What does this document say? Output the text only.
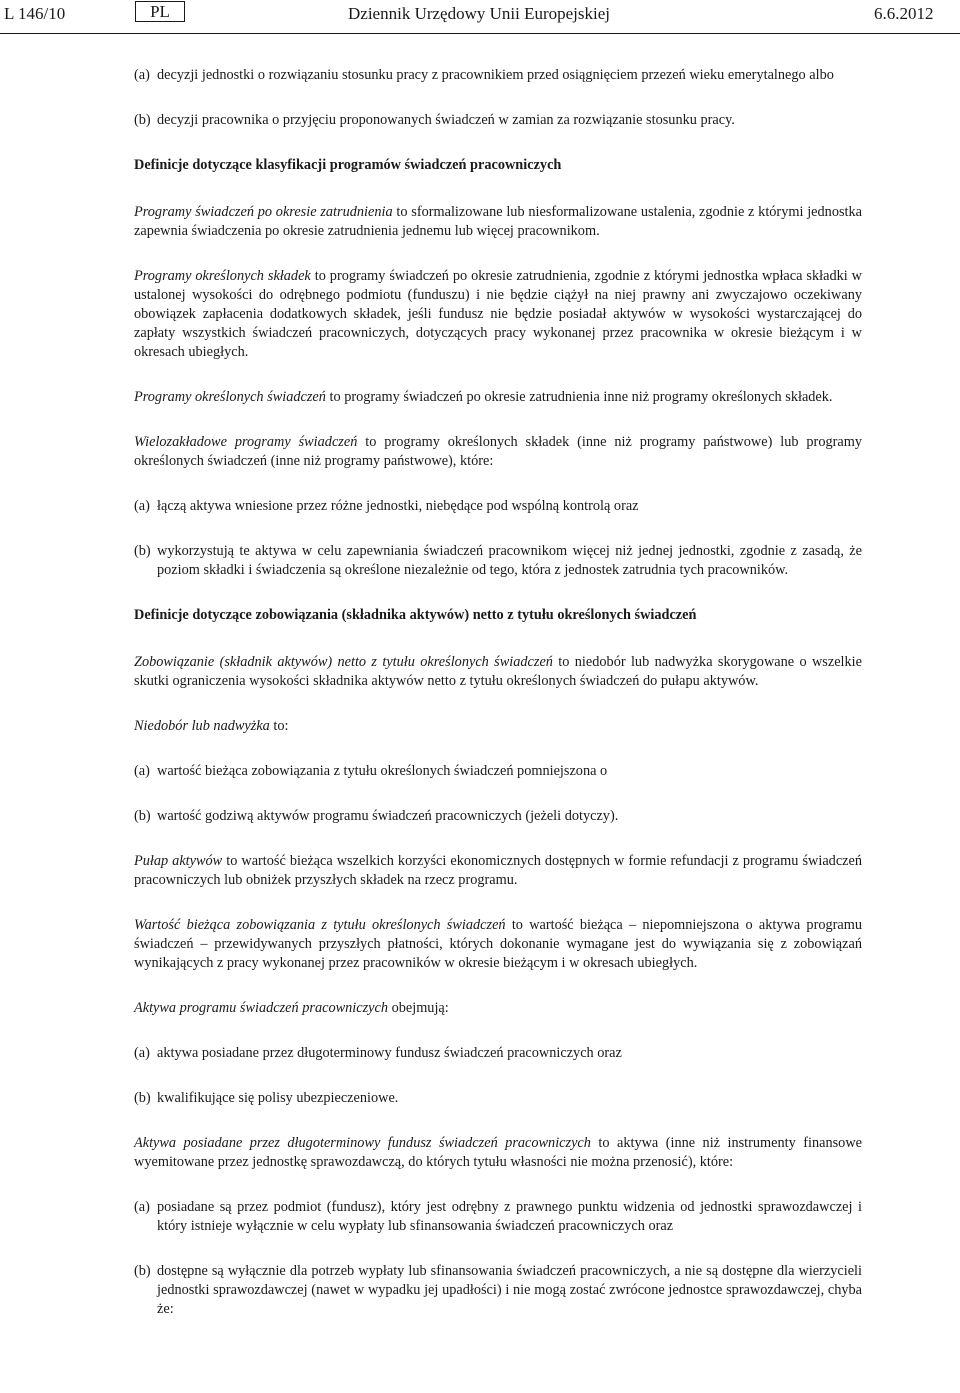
L 146/10	PL	Dziennik Urzędowy Unii Europejskiej	6.6.2012
(a) decyzji jednostki o rozwiązaniu stosunku pracy z pracownikiem przed osiągnięciem przezeń wieku emerytalnego albo
(b) decyzji pracownika o przyjęciu proponowanych świadczeń w zamian za rozwiązanie stosunku pracy.

Definicje dotyczące klasyfikacji programów świadczeń pracowniczych

Programy świadczeń po okresie zatrudnienia to sformalizowane lub niesformalizowane ustalenia, zgodnie z którymi jednostka zapewnia świadczenia po okresie zatrudnienia jednemu lub więcej pracownikom.

Programy określonych składek to programy świadczeń po okresie zatrudnienia, zgodnie z którymi jednostka wpłaca składki w ustalonej wysokości do odrębnego podmiotu (funduszu) i nie będzie ciążył na niej prawny ani zwyczajowo oczekiwany obowiązek zapłacenia dodatkowych składek, jeśli fundusz nie będzie posiadał aktywów w wysokości wystarczającej do zapłaty wszystkich świadczeń pracowniczych, dotyczących pracy wykonanej przez pracownika w okresie bieżącym i w okresach ubiegłych.

Programy określonych świadczeń to programy świadczeń po okresie zatrudnienia inne niż programy określonych składek.

Wielozakładowe programy świadczeń to programy określonych składek (inne niż programy państwowe) lub programy określonych świadczeń (inne niż programy państwowe), które:

(a) łączą aktywa wniesione przez różne jednostki, niebędące pod wspólną kontrolą oraz
(b) wykorzystują te aktywa w celu zapewniania świadczeń pracownikom więcej niż jednej jednostki, zgodnie z zasadą, że poziom składki i świadczenia są określone niezależnie od tego, która z jednostek zatrudnia tych pracowników.

Definicje dotyczące zobowiązania (składnika aktywów) netto z tytułu określonych świadczeń

Zobowiązanie (składnik aktywów) netto z tytułu określonych świadczeń to niedobór lub nadwyżka skorygowane o wszelkie skutki ograniczenia wysokości składnika aktywów netto z tytułu określonych świadczeń do pułapu aktywów.

Niedobór lub nadwyżka to:

(a) wartość bieżąca zobowiązania z tytułu określonych świadczeń pomniejszona o
(b) wartość godziwą aktywów programu świadczeń pracowniczych (jeżeli dotyczy).

Pułap aktywów to wartość bieżąca wszelkich korzyści ekonomicznych dostępnych w formie refundacji z programu świadczeń pracowniczych lub obniżek przyszłych składek na rzecz programu.

Wartość bieżąca zobowiązania z tytułu określonych świadczeń to wartość bieżąca – niepomniejszona o aktywa programu świadczeń – przewidywanych przyszłych płatności, których dokonanie wymagane jest do wywiązania się z zobowiązań wynikających z pracy wykonanej przez pracowników w okresie bieżącym i w okresach ubiegłych.

Aktywa programu świadczeń pracowniczych obejmują:

(a) aktywa posiadane przez długoterminowy fundusz świadczeń pracowniczych oraz
(b) kwalifikujące się polisy ubezpieczeniowe.

Aktywa posiadane przez długoterminowy fundusz świadczeń pracowniczych to aktywa (inne niż instrumenty finansowe wyemitowane przez jednostkę sprawozdawczą, do których tytułu własności nie można przenosić), które:

(a) posiadane są przez podmiot (fundusz), który jest odrębny z prawnego punktu widzenia od jednostki sprawozdawczej i który istnieje wyłącznie w celu wypłaty lub sfinansowania świadczeń pracowniczych oraz
(b) dostępne są wyłącznie dla potrzeb wypłaty lub sfinansowania świadczeń pracowniczych, a nie są dostępne dla wierzycieli jednostki sprawozdawczej (nawet w wypadku jej upadłości) i nie mogą zostać zwrócone jednostce sprawozdawczej, chyba że:
